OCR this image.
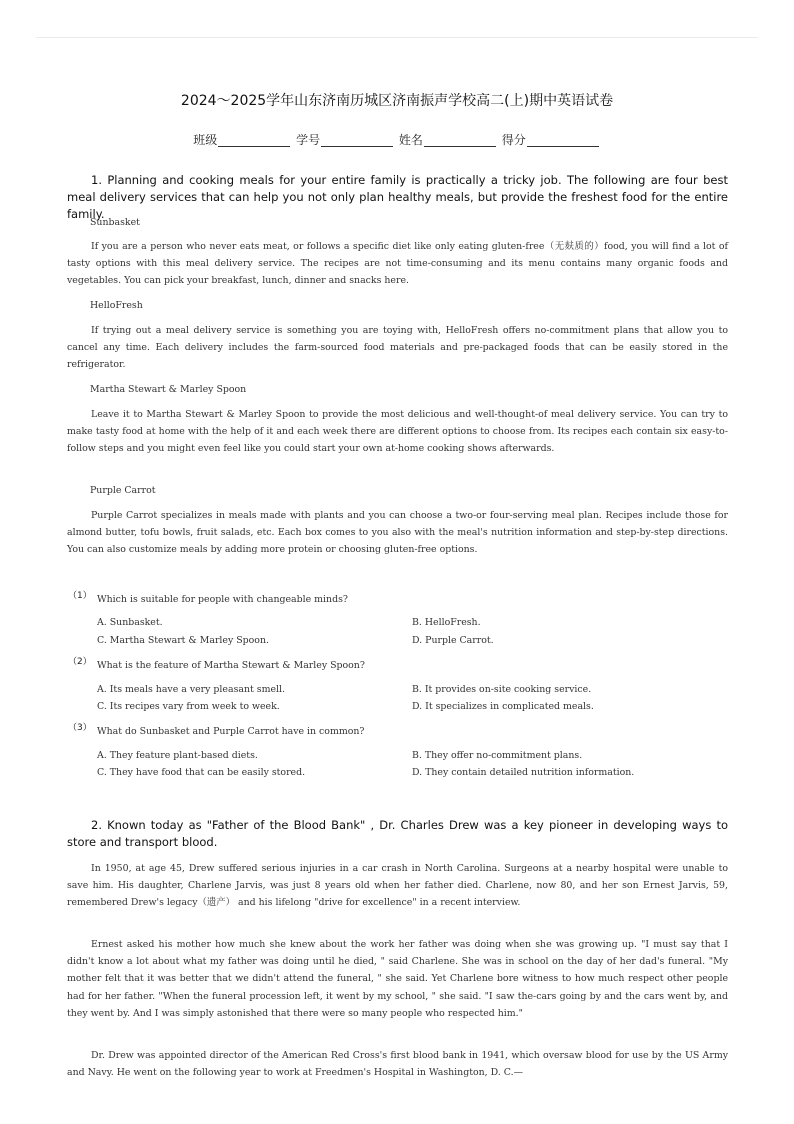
2024～2025学年山东济南历城区济南振声学校高二(上)期中英语试卷
班级	学号	姓名	得分
1. Planning and cooking meals for your entire family is practically a tricky job. The following are four best meal delivery services that can help you not only plan healthy meals, but provide the freshest food for the entire family.
Sunbasket
If you are a person who never eats meat, or follows a specific diet like only eating gluten-free（无麸质的）food, you will find a lot of tasty options with this meal delivery service. The recipes are not time-consuming and its menu contains many organic foods and vegetables. You can pick your breakfast, lunch, dinner and snacks here.
HelloFresh
If trying out a meal delivery service is something you are toying with, HelloFresh offers no-commitment plans that allow you to cancel any time. Each delivery includes the farm-sourced food materials and pre-packaged foods that can be easily stored in the refrigerator.
Martha Stewart & Marley Spoon
Leave it to Martha Stewart & Marley Spoon to provide the most delicious and well-thought-of meal delivery service. You can try to make tasty food at home with the help of it and each week there are different options to choose from. Its recipes each contain six easy-to-follow steps and you might even feel like you could start your own at-home cooking shows afterwards.
Purple Carrot
Purple Carrot specializes in meals made with plants and you can choose a two-or four-serving meal plan. Recipes include those for almond butter, tofu bowls, fruit salads, etc. Each box comes to you also with the meal's nutrition information and step-by-step directions. You can also customize meals by adding more protein or choosing gluten-free options.
（1） Which is suitable for people with changeable minds?
A. Sunbasket.	B. HelloFresh.
C. Martha Stewart & Marley Spoon.	D. Purple Carrot.
（2） What is the feature of Martha Stewart & Marley Spoon?
A. Its meals have a very pleasant smell.	B. It provides on-site cooking service.
C. Its recipes vary from week to week.	D. It specializes in complicated meals.
（3） What do Sunbasket and Purple Carrot have in common?
A. They feature plant-based diets.	B. They offer no-commitment plans.
C. They have food that can be easily stored.	D. They contain detailed nutrition information.
2. Known today as "Father of the Blood Bank" , Dr. Charles Drew was a key pioneer in developing ways to store and transport blood.
In 1950, at age 45, Drew suffered serious injuries in a car crash in North Carolina. Surgeons at a nearby hospital were unable to save him. His daughter, Charlene Jarvis, was just 8 years old when her father died. Charlene, now 80, and her son Ernest Jarvis, 59, remembered Drew's legacy（遗产） and his lifelong "drive for excellence" in a recent interview.
Ernest asked his mother how much she knew about the work her father was doing when she was growing up. "I must say that I didn't know a lot about what my father was doing until he died, " said Charlene. She was in school on the day of her dad's funeral. "My mother felt that it was better that we didn't attend the funeral, " she said. Yet Charlene bore witness to how much respect other people had for her father. "When the funeral procession left, it went by my school, " she said. "I saw the-cars going by and the cars went by, and they went by. And I was simply astonished that there were so many people who respected him."
Dr. Drew was appointed director of the American Red Cross's first blood bank in 1941, which oversaw blood for use by the US Army and Navy. He went on the following year to work at Freedmen's Hospital in Washington, D. C.—
